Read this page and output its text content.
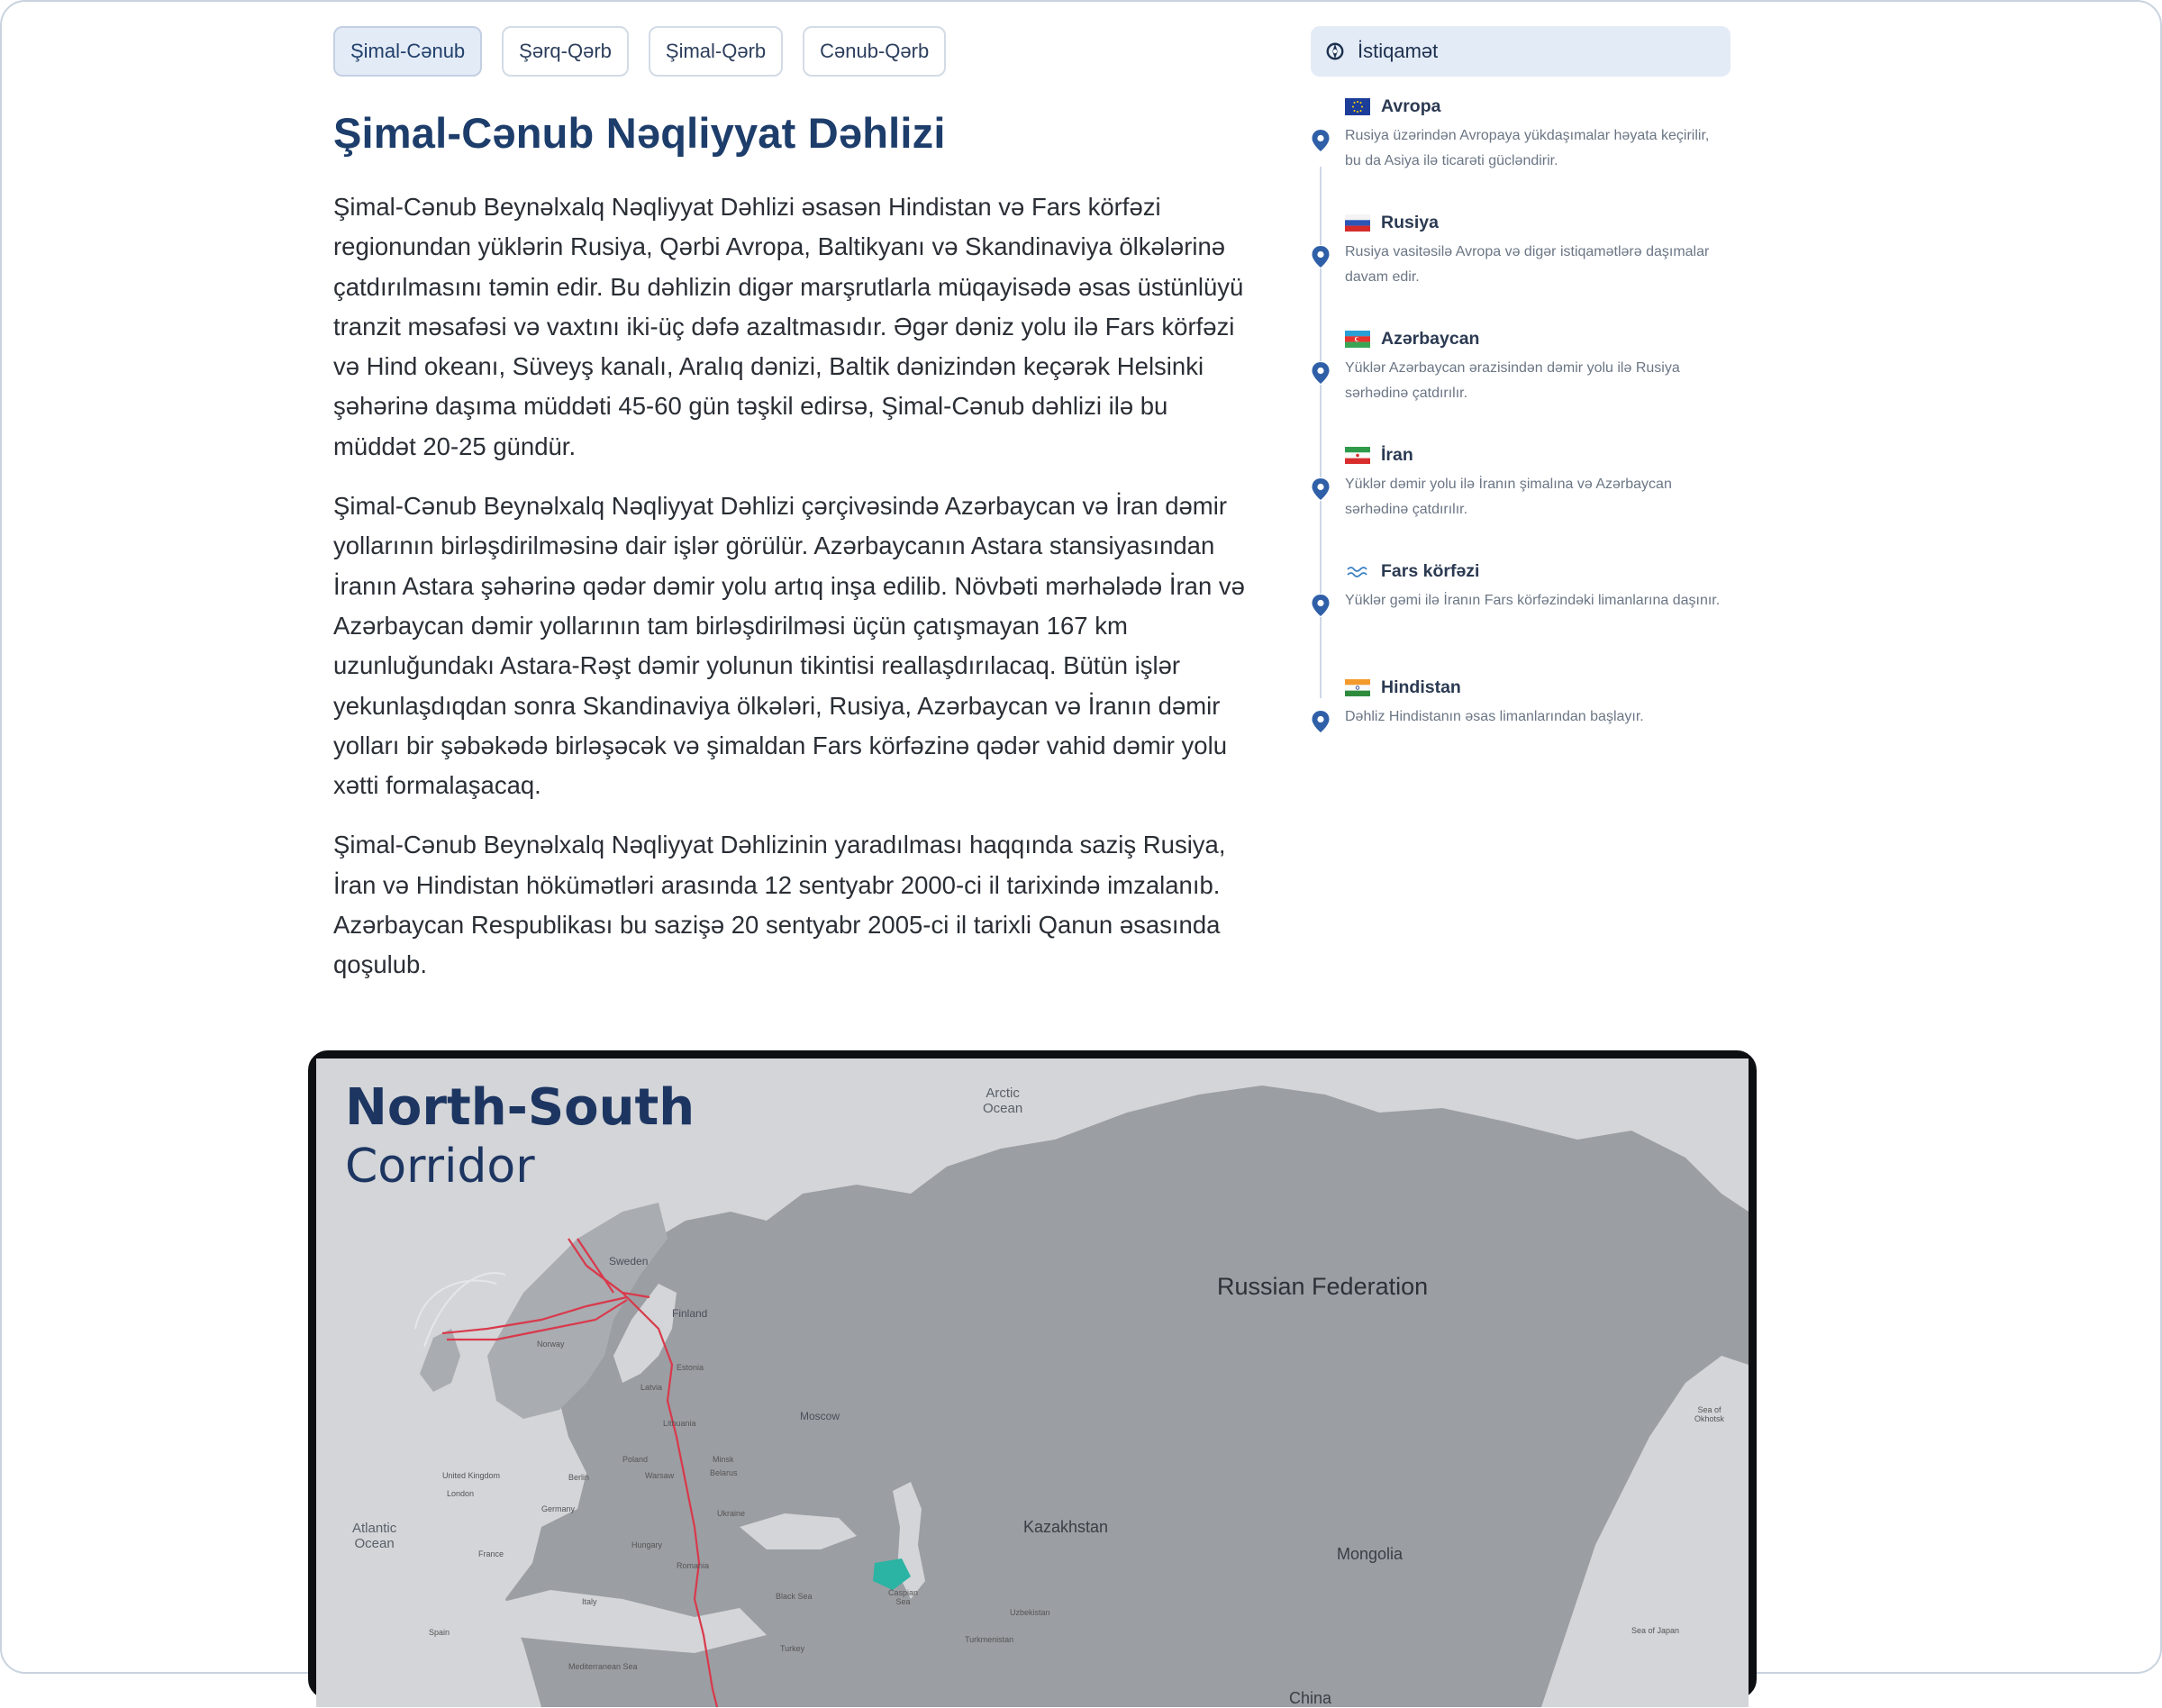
Şimal-Cənub	Şərq-Qərb	Şimal-Qərb	Cənub-Qərb
Şimal-Cənub Nəqliyyat Dəhlizi

Şimal-Cənub Beynəlxalq Nəqliyyat Dəhlizi əsasən Hindistan və Fars körfəzi regionundan yüklərin Rusiya, Qərbi Avropa, Baltikyanı və Skandinaviya ölkələrinə çatdırılmasını təmin edir. Bu dəhlizin digər marşrutlarla müqayisədə əsas üstünlüyü tranzit məsafəsi və vaxtını iki-üç dəfə azaltmasıdır. Əgər dəniz yolu ilə Fars körfəzi və Hind okeanı, Süveyş kanalı, Aralıq dənizi, Baltik dənizindən keçərək Helsinki şəhərinə daşıma müddəti 45-60 gün təşkil edirsə, Şimal-Cənub dəhlizi ilə bu müddət 20-25 gündür.

Şimal-Cənub Beynəlxalq Nəqliyyat Dəhlizi çərçivəsində Azərbaycan və İran dəmir yollarının birləşdirilməsinə dair işlər görülür. Azərbaycanın Astara stansiyasından İranın Astara şəhərinə qədər dəmir yolu artıq inşa edilib. Növbəti mərhələdə İran və Azərbaycan dəmir yollarının tam birləşdirilməsi üçün çatışmayan 167 km uzunluğundakı Astara-Rəşt dəmir yolunun tikintisi reallaşdırılacaq. Bütün işlər yekunlaşdıqdan sonra Skandinaviya ölkələri, Rusiya, Azərbaycan və İranın dəmir yolları bir şəbəkədə birləşəcək və şimaldan Fars körfəzinə qədər vahid dəmir yolu xətti formalaşacaq.

Şimal-Cənub Beynəlxalq Nəqliyyat Dəhlizinin yaradılması haqqında saziş Rusiya, İran və Hindistan hökümətləri arasında 12 sentyabr 2000-ci il tarixində imzalanıb. Azərbaycan Respublikası bu sazişə 20 sentyabr 2005-ci il tarixli Qanun əsasında qoşulub.

İstiqamət
Avropa
Rusiya üzərindən Avropaya yükdaşımalar həyata keçirilir, bu da Asiya ilə ticarəti gücləndirir.
Rusiya
Rusiya vasitəsilə Avropa və digər istiqamətlərə daşımalar davam edir.
Azərbaycan
Yüklər Azərbaycan ərazisindən dəmir yolu ilə Rusiya sərhədinə çatdırılır.
İran
Yüklər dəmir yolu ilə İranın şimalına və Azərbaycan sərhədinə çatdırılır.
Fars körfəzi
Yüklər gəmi ilə İranın Fars körfəzindəki limanlarına daşınır.
Hindistan
Dəhliz Hindistanın əsas limanlarından başlayır.
North-South
Corridor
Arctic
Ocean
Russian Federation
Sweden
Finland
Norway
Moscow
Kazakhstan
Mongolia
Atlantic
Ocean
Sea of
Okhotsk
Sea of Japan
Poland
Germany
France
Spain
Ukraine
Belarus
Minsk
Lithuania
Turkey
Black Sea
Mediterranean Sea
China
United Kingdom
Caspian
Sea
Uzbekistan
Turkmenistan
Romania
Italy
Hungary
Latvia
Estonia
London
Warsaw
Berlin
